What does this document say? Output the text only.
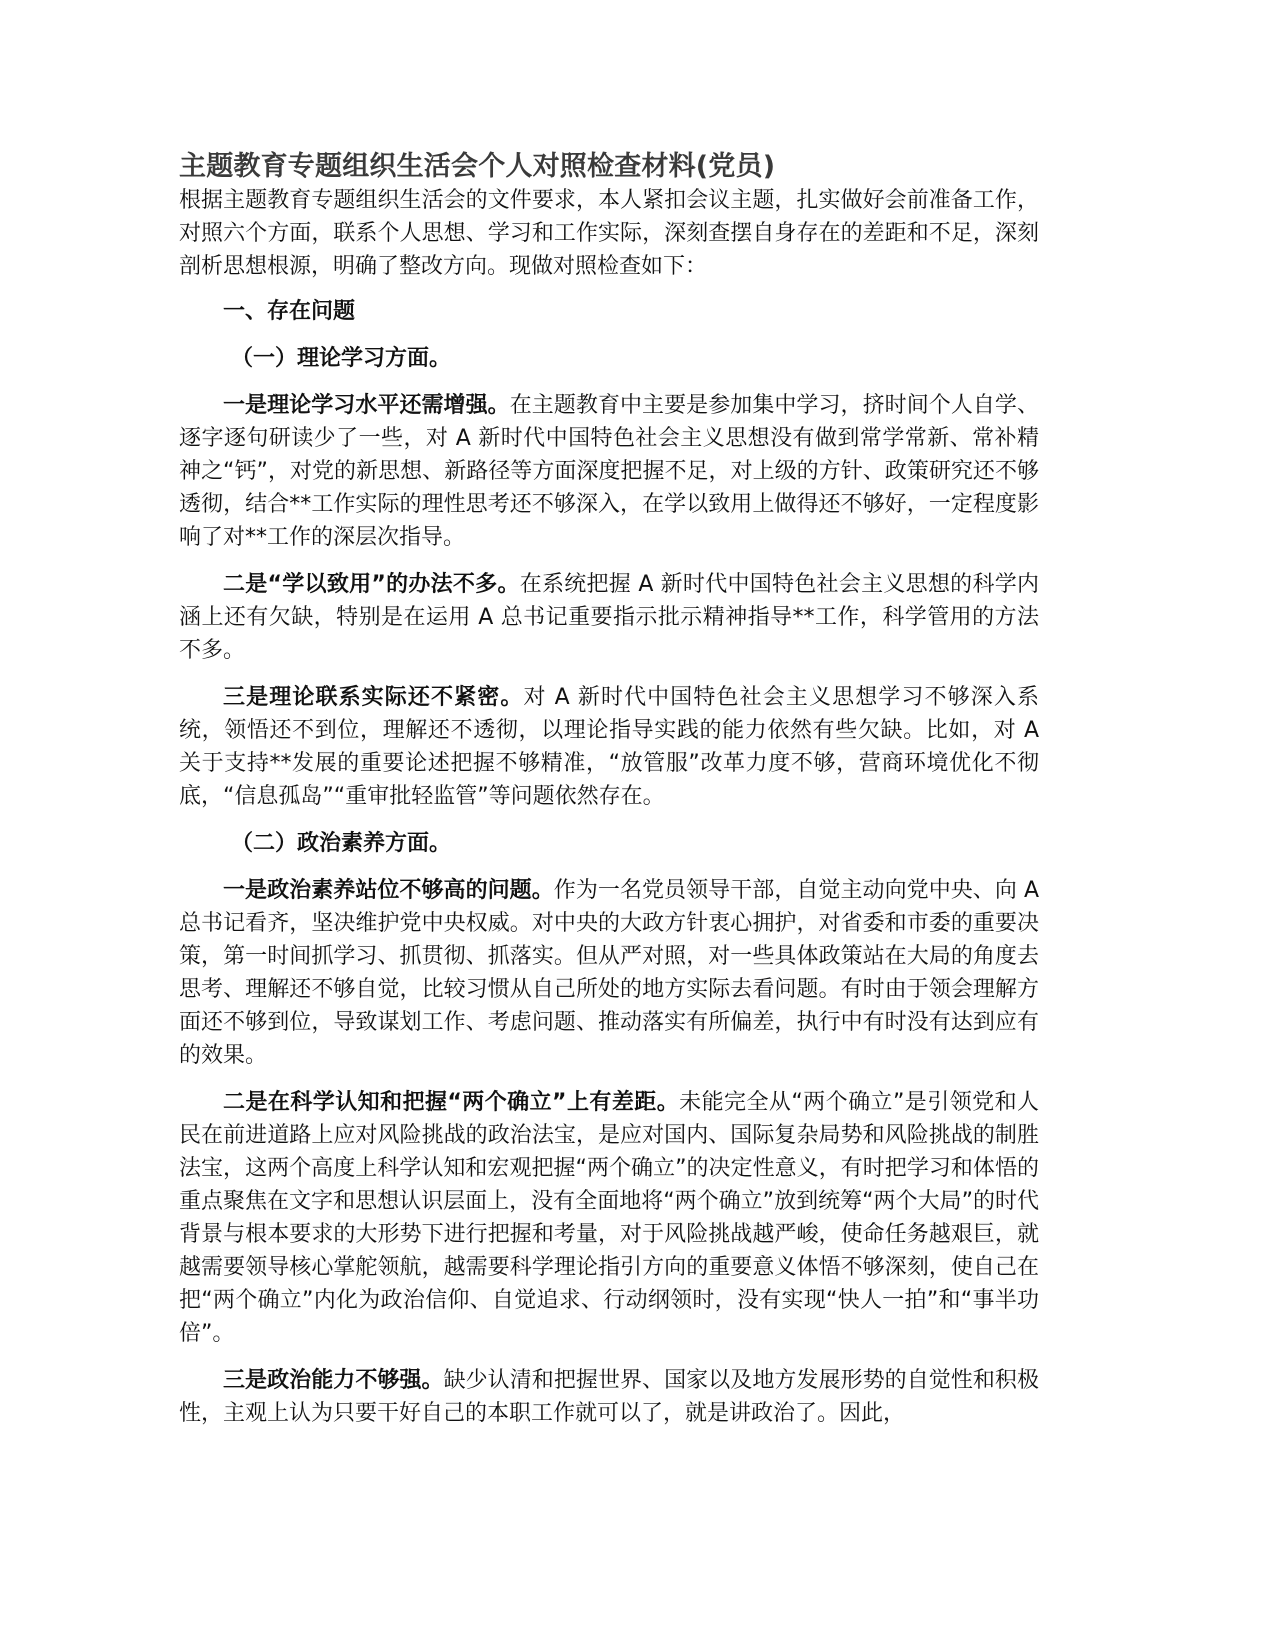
主题教育专题组织生活会个人对照检查材料(党员)

根据主题教育专题组织生活会的文件要求，本人紧扣会议主题，扎实做好会前准备工作，对照六个方面，联系个人思想、学习和工作实际，深刻查摆自身存在的差距和不足，深刻剖析思想根源，明确了整改方向。现做对照检查如下：

一、存在问题

（一）理论学习方面。

一是理论学习水平还需增强。在主题教育中主要是参加集中学习，挤时间个人自学、逐字逐句研读少了一些，对 A 新时代中国特色社会主义思想没有做到常学常新、常补精神之“钙”，对党的新思想、新路径等方面深度把握不足，对上级的方针、政策研究还不够透彻，结合**工作实际的理性思考还不够深入，在学以致用上做得还不够好，一定程度影响了对**工作的深层次指导。

二是“学以致用”的办法不多。在系统把握 A 新时代中国特色社会主义思想的科学内涵上还有欠缺，特别是在运用 A 总书记重要指示批示精神指导**工作，科学管用的方法不多。

三是理论联系实际还不紧密。对 A 新时代中国特色社会主义思想学习不够深入系统，领悟还不到位，理解还不透彻，以理论指导实践的能力依然有些欠缺。比如，对 A 关于支持**发展的重要论述把握不够精准，“放管服”改革力度不够，营商环境优化不彻底，“信息孤岛”“重审批轻监管”等问题依然存在。

（二）政治素养方面。

一是政治素养站位不够高的问题。作为一名党员领导干部，自觉主动向党中央、向 A 总书记看齐，坚决维护党中央权威。对中央的大政方针衷心拥护，对省委和市委的重要决策，第一时间抓学习、抓贯彻、抓落实。但从严对照，对一些具体政策站在大局的角度去思考、理解还不够自觉，比较习惯从自己所处的地方实际去看问题。有时由于领会理解方面还不够到位，导致谋划工作、考虑问题、推动落实有所偏差，执行中有时没有达到应有的效果。

二是在科学认知和把握“两个确立”上有差距。未能完全从“两个确立”是引领党和人民在前进道路上应对风险挑战的政治法宝，是应对国内、国际复杂局势和风险挑战的制胜法宝，这两个高度上科学认知和宏观把握“两个确立”的决定性意义，有时把学习和体悟的重点聚焦在文字和思想认识层面上，没有全面地将“两个确立”放到统筹“两个大局”的时代背景与根本要求的大形势下进行把握和考量，对于风险挑战越严峻，使命任务越艰巨，就越需要领导核心掌舵领航，越需要科学理论指引方向的重要意义体悟不够深刻，使自己在把“两个确立”内化为政治信仰、自觉追求、行动纲领时，没有实现“快人一拍”和“事半功倍”。

三是政治能力不够强。缺少认清和把握世界、国家以及地方发展形势的自觉性和积极性，主观上认为只要干好自己的本职工作就可以了，就是讲政治了。因此，
